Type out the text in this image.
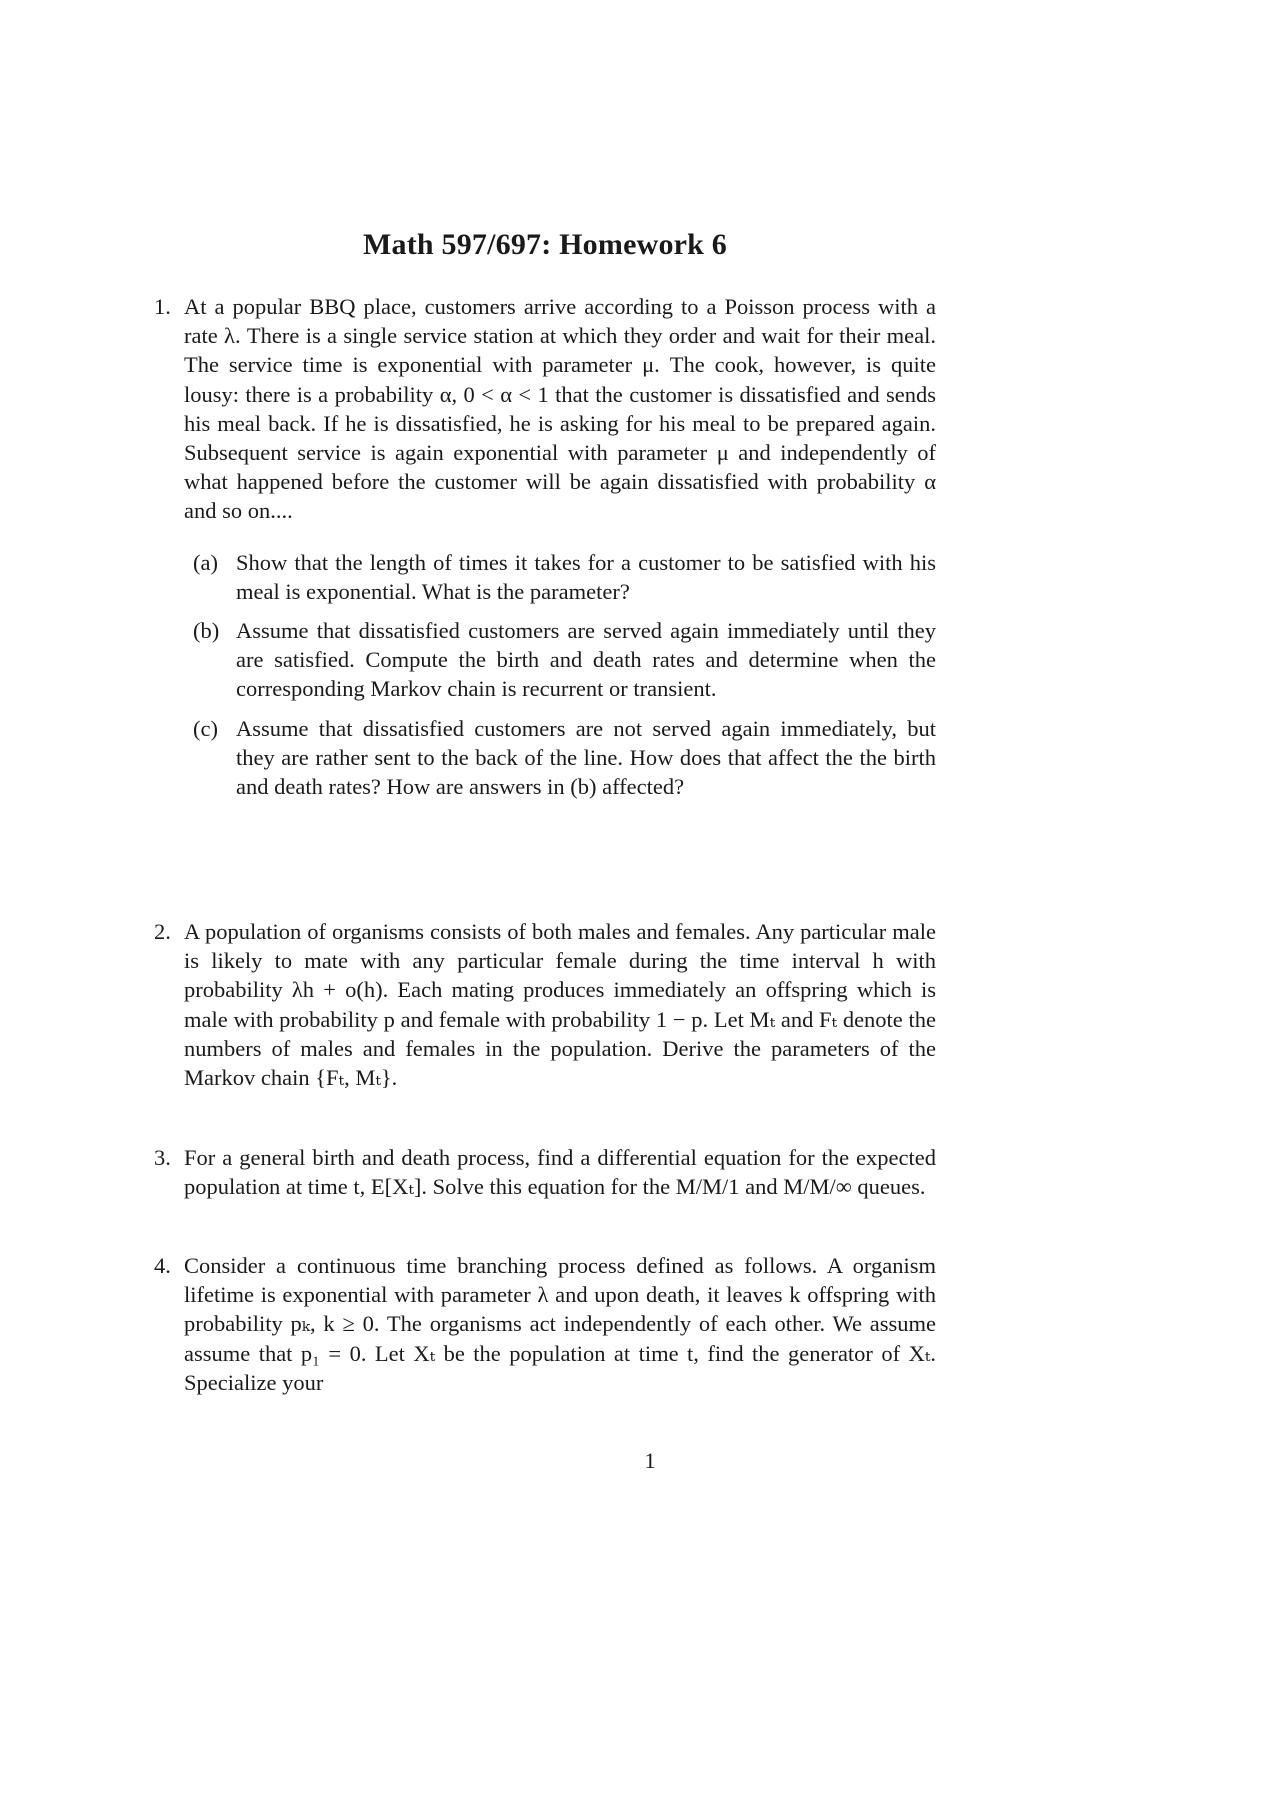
Math 597/697: Homework 6
1. At a popular BBQ place, customers arrive according to a Poisson process with a rate λ. There is a single service station at which they order and wait for their meal. The service time is exponential with parameter μ. The cook, however, is quite lousy: there is a probability α, 0 < α < 1 that the customer is dissatisfied and sends his meal back. If he is dissatisfied, he is asking for his meal to be prepared again. Subsequent service is again exponential with parameter μ and independently of what happened before the customer will be again dissatisfied with probability α and so on....
(a) Show that the length of times it takes for a customer to be satisfied with his meal is exponential. What is the parameter?
(b) Assume that dissatisfied customers are served again immediately until they are satisfied. Compute the birth and death rates and determine when the corresponding Markov chain is recurrent or transient.
(c) Assume that dissatisfied customers are not served again immediately, but they are rather sent to the back of the line. How does that affect the the birth and death rates? How are answers in (b) affected?
2. A population of organisms consists of both males and females. Any particular male is likely to mate with any particular female during the time interval h with probability λh + o(h). Each mating produces immediately an offspring which is male with probability p and female with probability 1 − p. Let Mₜ and Fₜ denote the numbers of males and females in the population. Derive the parameters of the Markov chain {Fₜ, Mₜ}.
3. For a general birth and death process, find a differential equation for the expected population at time t, E[Xₜ]. Solve this equation for the M/M/1 and M/M/∞ queues.
4. Consider a continuous time branching process defined as follows. A organism lifetime is exponential with parameter λ and upon death, it leaves k offspring with probability pₖ, k ≥ 0. The organisms act independently of each other. We assume assume that p₁ = 0. Let Xₜ be the population at time t, find the generator of Xₜ. Specialize your
1
